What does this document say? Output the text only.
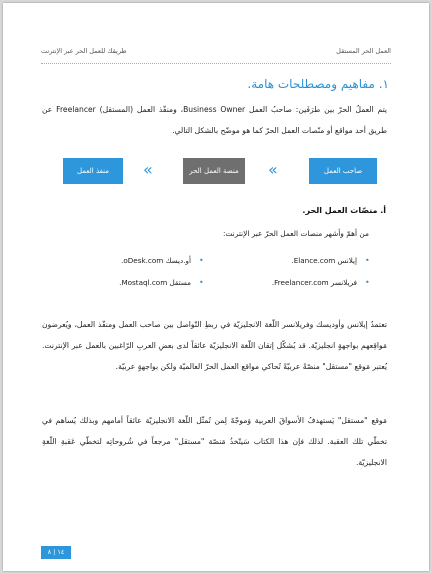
العمل الحر المستقل
طريقك للعمل الحر عبر الإنترنت
١. مفاهيم ومصطلحات هامة.
يتم العملُ الحرّ بين طرَفَين: صاحبُ العمل Business Owner، ومنفّذ العمل (المستقل) Freelancer عن طريق أحد مواقع أو منّصات العمل الحرّ كما هو موضّح بالشكل التالي.
منفذ العمل	«	منصة العمل الحر	«	صاحب العمل
أ. منصّات العمل الحر.
من أهمّ وأشهر منصات العمل الحرّ عبر الإنترنت:
•
إيلانس Elance.com.
•
أو.ديسك oDesk.com.
•
فريلانسر Freelancer.com.
•
مستقل Mostaql.com.
تعتمدُ إيلانس وأوديسك وفريلانسر اللّغة الانجليزيّة في ربطِ التّواصل بين صاحب العمل ومنفّذ العمل، ويُعرضون مَواقِعهم بواجهةٍ انجليزيّة. قد يُشكّل إتقان اللّغة الانجليزيّة عائقاً لدى بعضِ العربِ الرّاغبين بالعمل عبر الإنترنت. يُعتبر مَوقع "مستقل" منصّةً عربيّةً تُحاكي مواقع العمل الحرّ العالميّة ولكن بواجهةٍ عربيّة.
مَوقع "مستقل" يَستهدفُ الأسواقَ العربية وَموجّهٌ لِمن تُمثّل اللّغة الانجليزيّة عائقاً أمامهم وبذلك يُساهم في تخطّي تلك العقبة. لذلك فإن هذا الكتاب سَيتّخذُ مَنصّة "مستقل" مرجعاً في شُروحاتِه لتخطّي عَقبةِ اللّغةِ الانجليزيّة.
١٤ | ٨
